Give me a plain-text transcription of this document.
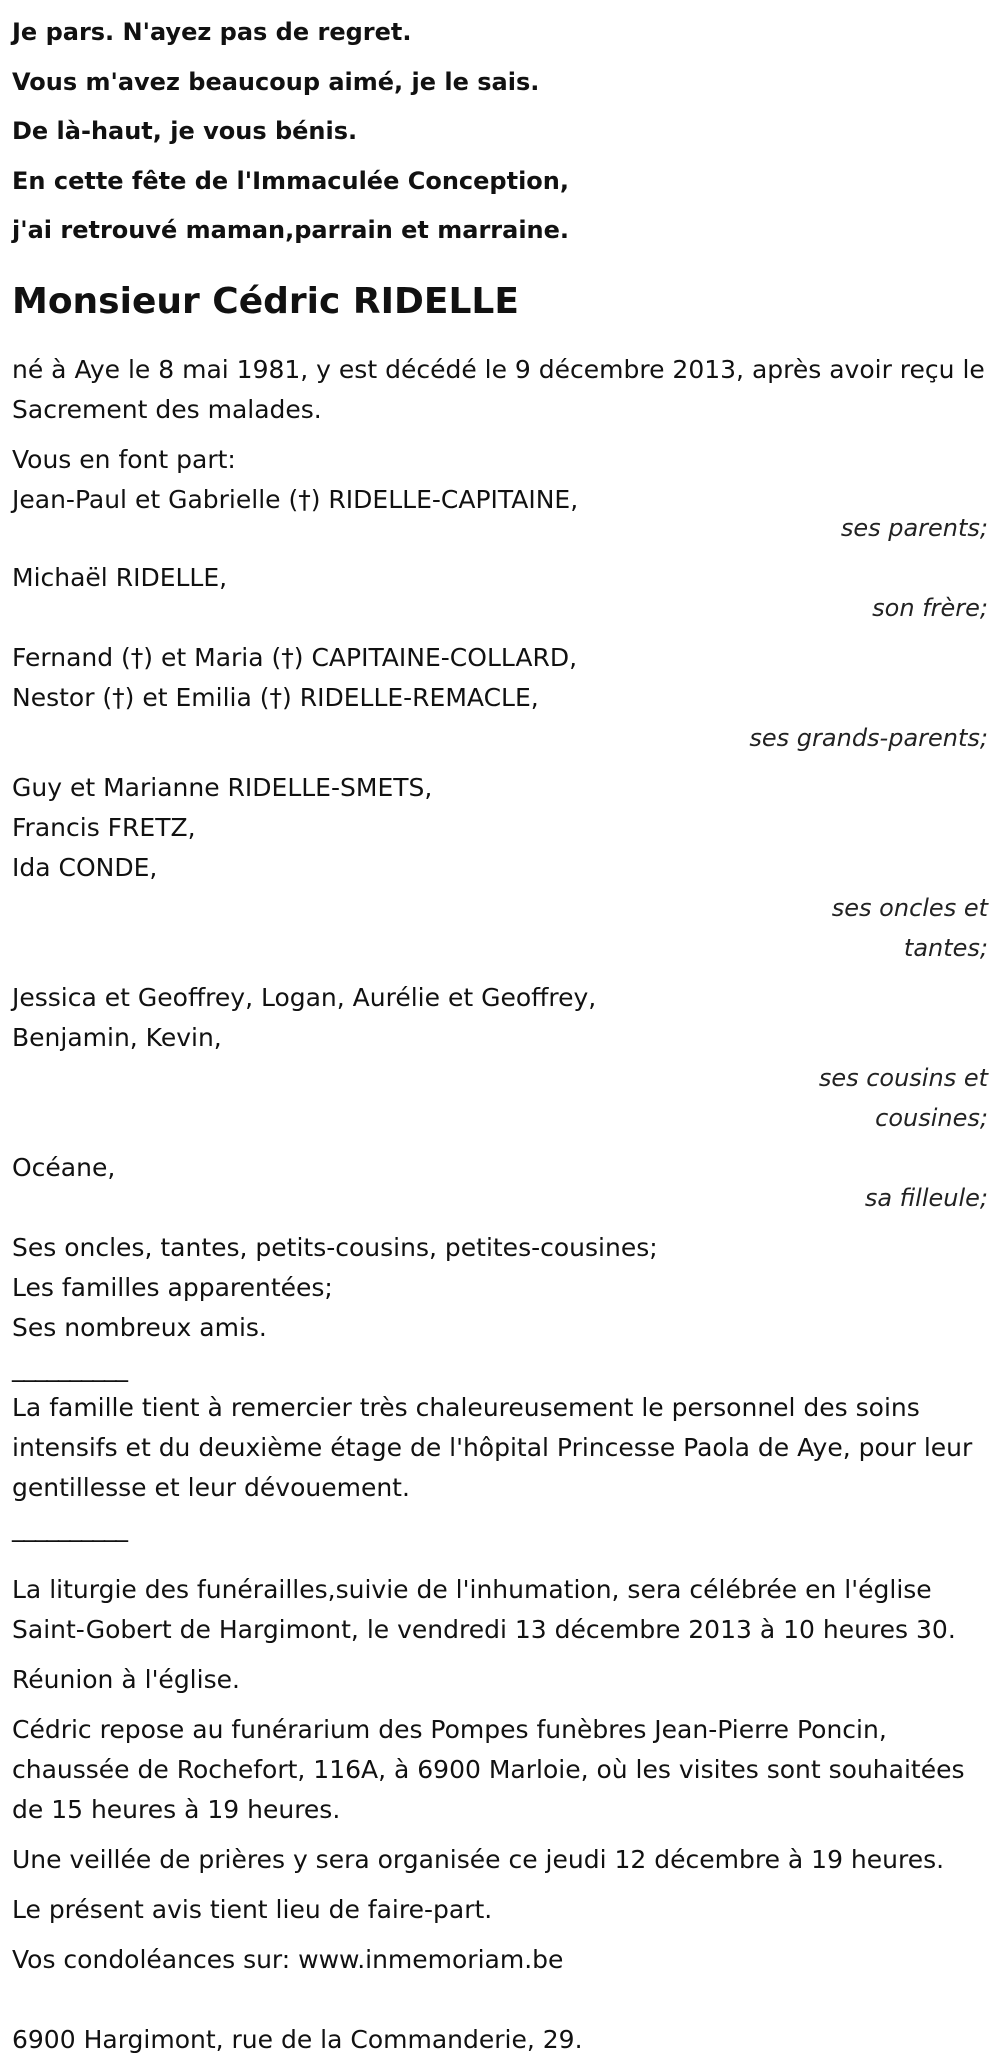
Je pars. N'ayez pas de regret.
Vous m'avez beaucoup aimé, je le sais.
De là-haut, je vous bénis.
En cette fête de l'Immaculée Conception,
j'ai retrouvé maman,parrain et marraine.
Monsieur Cédric RIDELLE

né à Aye le 8 mai 1981, y est décédé le 9 décembre 2013, après avoir reçu le Sacrement des malades.

Vous en font part:
Jean-Paul et Gabrielle (†) RIDELLE-CAPITAINE,
ses parents;
Michaël RIDELLE,
son frère;
Fernand (†) et Maria (†) CAPITAINE-COLLARD,
Nestor (†) et Emilia (†) RIDELLE-REMACLE,
ses grands-parents;
Guy et Marianne RIDELLE-SMETS,
Francis FRETZ,
Ida CONDE,
ses oncles et
tantes;
Jessica et Geoffrey, Logan, Aurélie et Geoffrey,
Benjamin, Kevin,
ses cousins et
cousines;
Océane,
sa filleule;
Ses oncles, tantes, petits-cousins, petites-cousines;
Les familles apparentées;
Ses nombreux amis.
__________

La famille tient à remercier très chaleureusement le personnel des soins intensifs et du deuxième étage de l'hôpital Princesse Paola de Aye, pour leur gentillesse et leur dévouement.

__________

La liturgie des funérailles,suivie de l'inhumation, sera célébrée en l'église Saint-Gobert de Hargimont, le vendredi 13 décembre 2013 à 10 heures 30.

Réunion à l'église.

Cédric repose au funérarium des Pompes funèbres Jean-Pierre Poncin, chaussée de Rochefort, 116A, à 6900 Marloie, où les visites sont souhaitées de 15 heures à 19 heures.

Une veillée de prières y sera organisée ce jeudi 12 décembre à 19 heures.

Le présent avis tient lieu de faire-part.

Vos condoléances sur: www.inmemoriam.be

6900 Hargimont, rue de la Commanderie, 29.
